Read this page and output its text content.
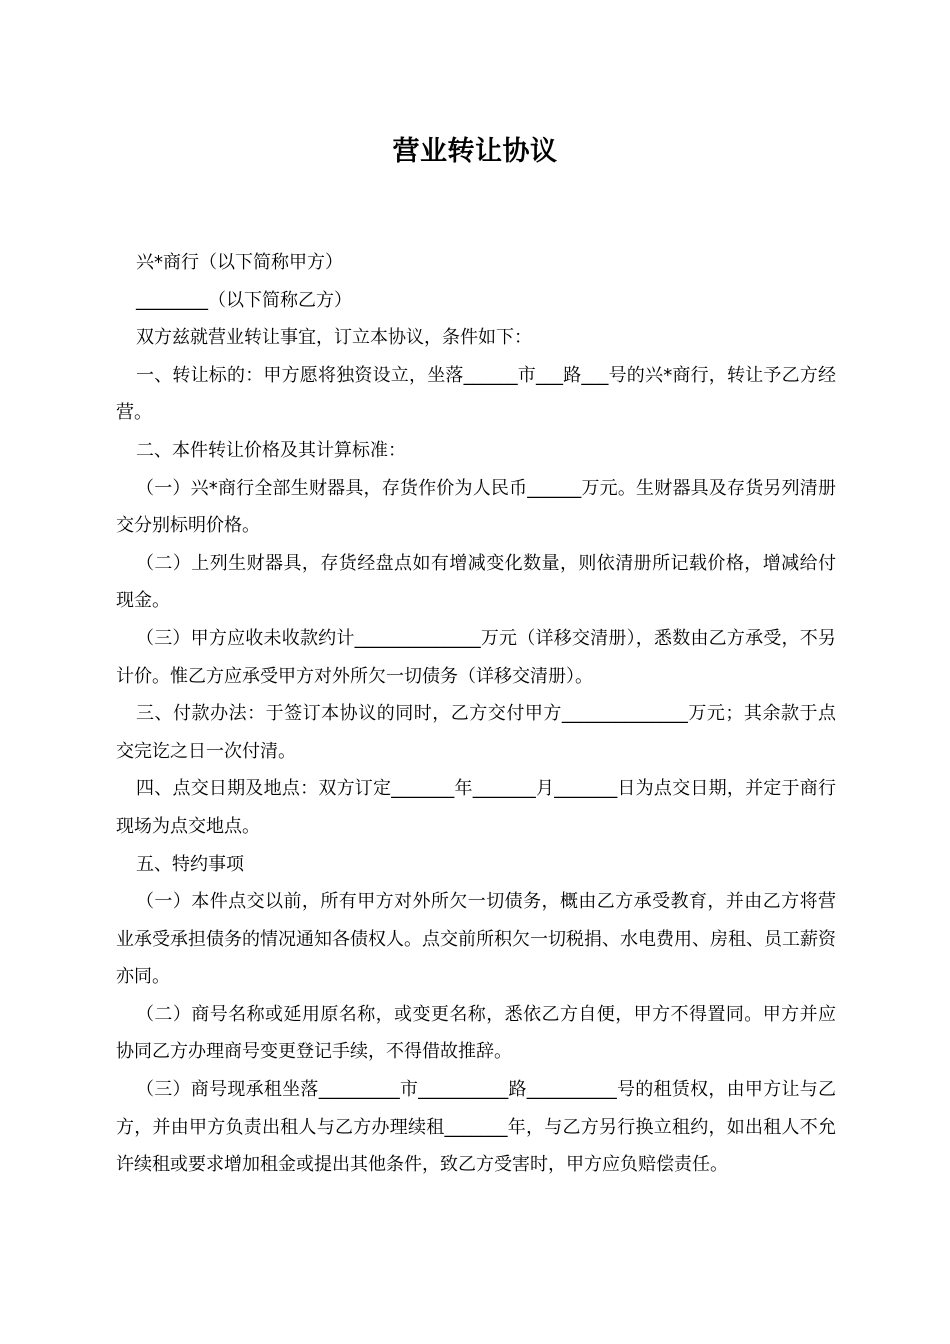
营业转让协议

兴*商行（以下简称甲方）

________（以下简称乙方）

双方兹就营业转让事宜，订立本协议，条件如下：

一、转让标的：甲方愿将独资设立，坐落______市___路___号的兴*商行，转让予乙方经营。

二、本件转让价格及其计算标准：

（一）兴*商行全部生财器具，存货作价为人民币______万元。生财器具及存货另列清册交分别标明价格。

（二）上列生财器具，存货经盘点如有增减变化数量，则依清册所记载价格，增减给付现金。

（三）甲方应收未收款约计______________万元（详移交清册），悉数由乙方承受，不另计价。惟乙方应承受甲方对外所欠一切债务（详移交清册）。

三、付款办法：于签订本协议的同时，乙方交付甲方______________万元；其余款于点交完讫之日一次付清。

四、点交日期及地点：双方订定_______年_______月_______日为点交日期，并定于商行现场为点交地点。

五、特约事项

（一）本件点交以前，所有甲方对外所欠一切债务，概由乙方承受教育，并由乙方将营业承受承担债务的情况通知各债权人。点交前所积欠一切税捐、水电费用、房租、员工薪资亦同。

（二）商号名称或延用原名称，或变更名称，悉依乙方自便，甲方不得置同。甲方并应协同乙方办理商号变更登记手续，不得借故推辞。

（三）商号现承租坐落_________市__________路__________号的租赁权，由甲方让与乙方，并由甲方负责出租人与乙方办理续租_______年，与乙方另行换立租约，如出租人不允许续租或要求增加租金或提出其他条件，致乙方受害时，甲方应负赔偿责任。
